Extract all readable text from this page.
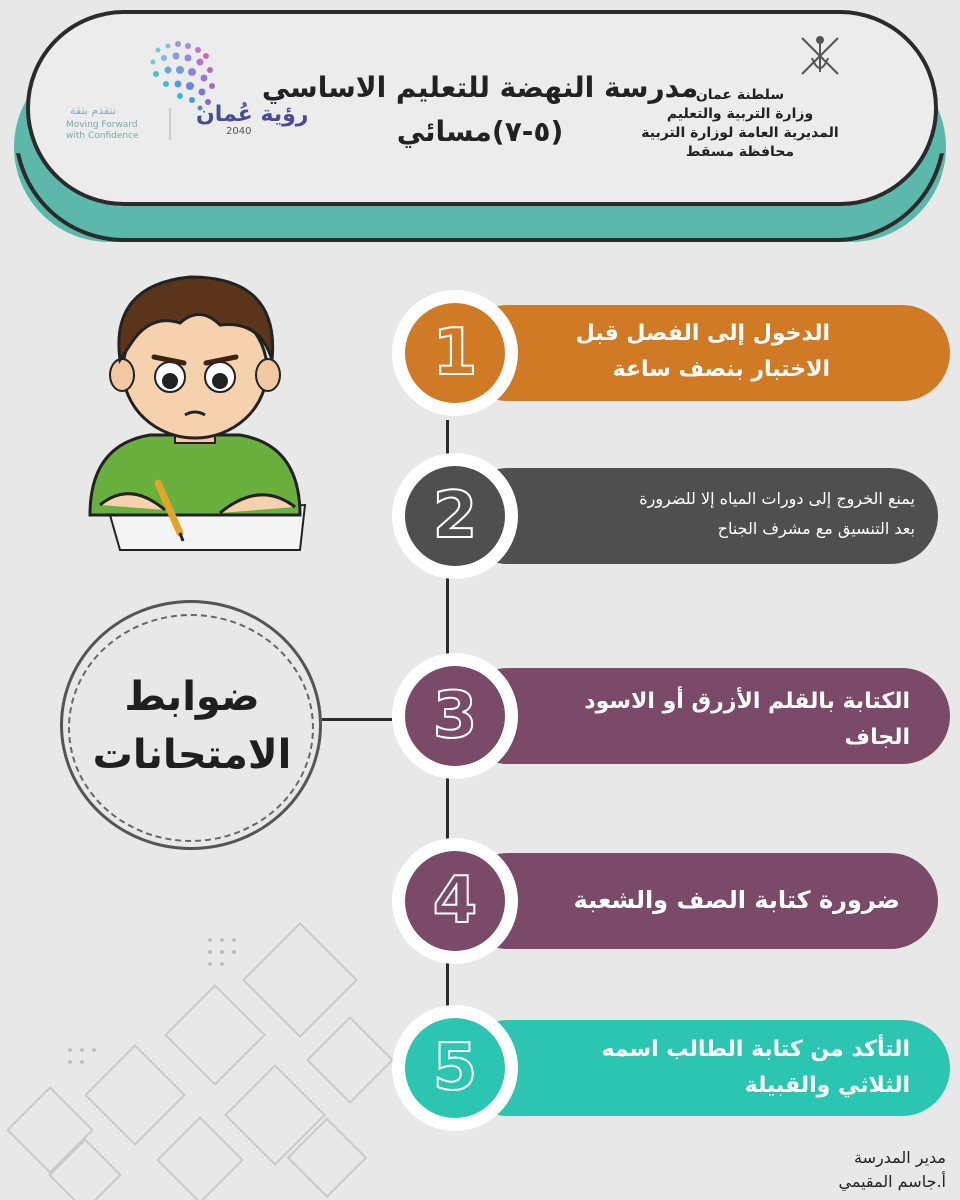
مدرسة النهضة للتعليم الاساسي
(٥-٧)مسائي
سلطنة عمان
وزارة التربية والتعليم
المديرية العامة لوزارة التربية
محافظة مسقط
رؤية عُمان
2040
نتقدم بثقة
Moving Forward with Confidence
ضوابط
الامتحانات
1	الدخول إلى الفصل قبل
الاختبار بنصف ساعة
2	يمنع الخروج إلى دورات المياه إلا للضرورة
بعد التنسيق مع مشرف الجناح
3	الكتابة بالقلم الأزرق أو الاسود
الجاف
4	ضرورة كتابة الصف والشعبة
5	التأكد من كتابة الطالب اسمه
الثلاثي والقبيلة
مدير المدرسة
أ.جاسم المقيمي
